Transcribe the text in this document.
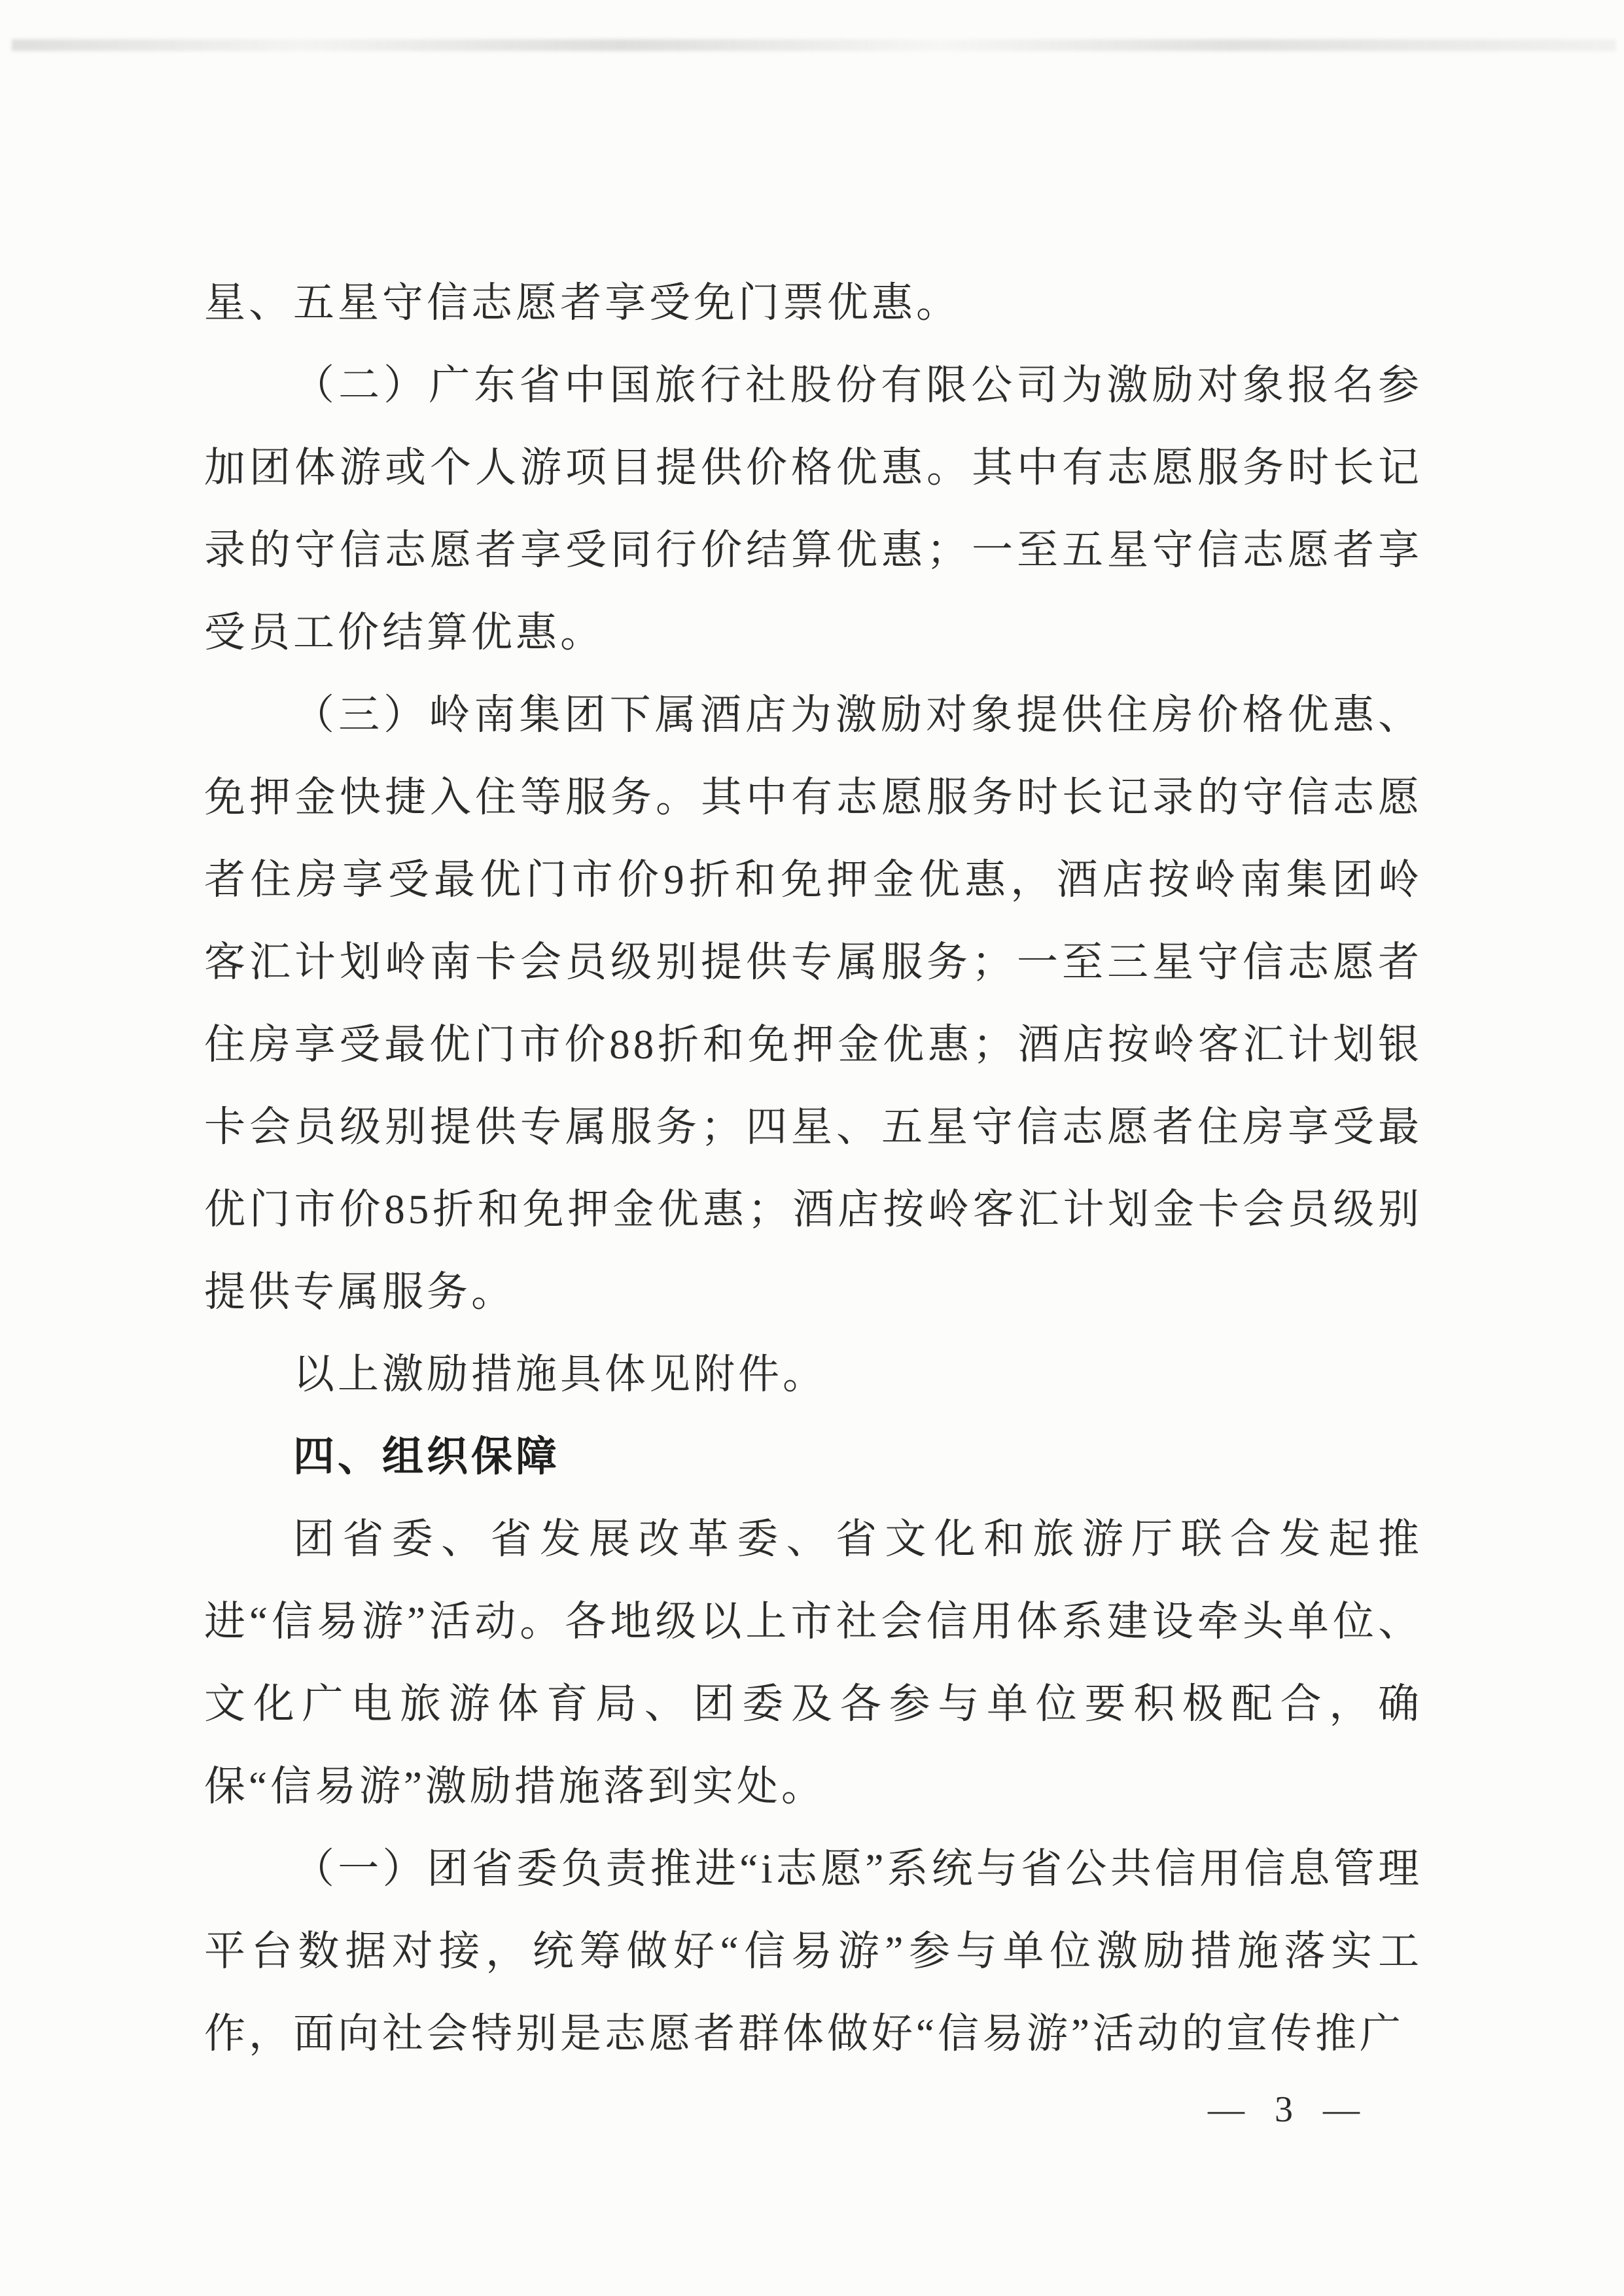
星、五星守信志愿者享受免门票优惠。

（二）广东省中国旅行社股份有限公司为激励对象报名参加团体游或个人游项目提供价格优惠。其中有志愿服务时长记录的守信志愿者享受同行价结算优惠；一至五星守信志愿者享受员工价结算优惠。

（三）岭南集团下属酒店为激励对象提供住房价格优惠、免押金快捷入住等服务。其中有志愿服务时长记录的守信志愿者住房享受最优门市价9折和免押金优惠，酒店按岭南集团岭客汇计划岭南卡会员级别提供专属服务；一至三星守信志愿者住房享受最优门市价88折和免押金优惠；酒店按岭客汇计划银卡会员级别提供专属服务；四星、五星守信志愿者住房享受最优门市价85折和免押金优惠；酒店按岭客汇计划金卡会员级别提供专属服务。

以上激励措施具体见附件。

四、组织保障

团省委、省发展改革委、省文化和旅游厅联合发起推进“信易游”活动。各地级以上市社会信用体系建设牵头单位、文化广电旅游体育局、团委及各参与单位要积极配合，确保“信易游”激励措施落到实处。

（一）团省委负责推进“i志愿”系统与省公共信用信息管理平台数据对接，统筹做好“信易游”参与单位激励措施落实工作，面向社会特别是志愿者群体做好“信易游”活动的宣传推广

— 3 —
